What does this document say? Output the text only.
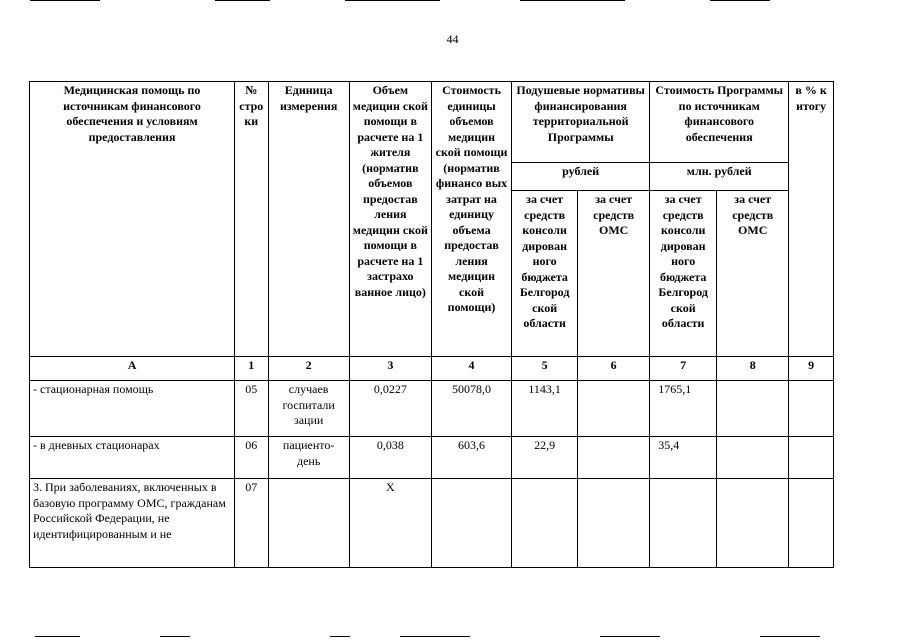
44
Медицинская помощь по источникам финансового обеспечения и условиям предоставления	№ стро ки	Единица измерения	Объем медицин ской помощи в расчете на 1 жителя (норматив объемов предостав ления медицин ской помощи в расчете на 1 застрахо ванное лицо)	Стоимость единицы объемов медицин ской помощи (норматив финансо вых затрат на единицу объема предостав ления медицин ской помощи)	Подушевые нормативы финансирования территориальной Программы		Стоимость Программы по источникам финансового обеспечения		в % к итогу
					рублей		млн. рублей		
					за счет средств консоли дирован ного бюджета Белгород ской области	за счет средств ОМС	за счет средств консоли дирован ного бюджета Белгород ской области	за счет средств ОМС	
А	1	2	3	4	5	6	7	8	9
- стационарная помощь	05	случаев госпитали зации	0,0227	50078,0	1143,1		1765,1		
- в дневных стационарах	06	пациенто- день	0,038	603,6	22,9		35,4		
3. При заболеваниях, включенных в базовую программу ОМС, гражданам Российской Федерации, не идентифицированным и не	07		Х						
